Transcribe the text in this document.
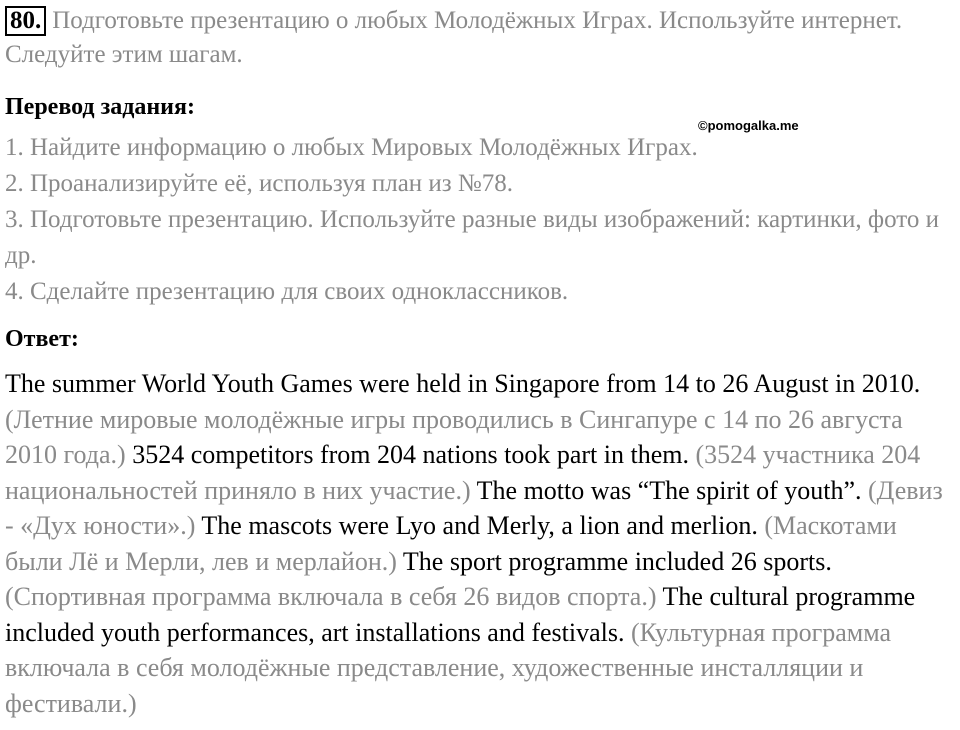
80. Подготовьте презентацию о любых Молодёжных Играх. Используйте интернет. Следуйте этим шагам.
Перевод задания:
1. Найдите информацию о любых Мировых Молодёжных Играх.
2. Проанализируйте её, используя план из №78.
3. Подготовьте презентацию. Используйте разные виды изображений: картинки, фото и др.
4. Сделайте презентацию для своих одноклассников.
Ответ:
The summer World Youth Games were held in Singapore from 14 to 26 August in 2010. (Летние мировые молодёжные игры проводились в Сингапуре с 14 по 26 августа 2010 года.) 3524 competitors from 204 nations took part in them. (3524 участника 204 национальностей приняло в них участие.) The motto was “The spirit of youth”. (Девиз - «Дух юности».) The mascots were Lyo and Merly, a lion and merlion. (Маскотами были Лё и Мерли, лев и мерлайон.) The sport programme included 26 sports. (Спортивная программа включала в себя 26 видов спорта.) The cultural programme included youth performances, art installations and festivals. (Культурная программа включала в себя молодёжные представление, художественные инсталляции и фестивали.)
©pomogalka.me
